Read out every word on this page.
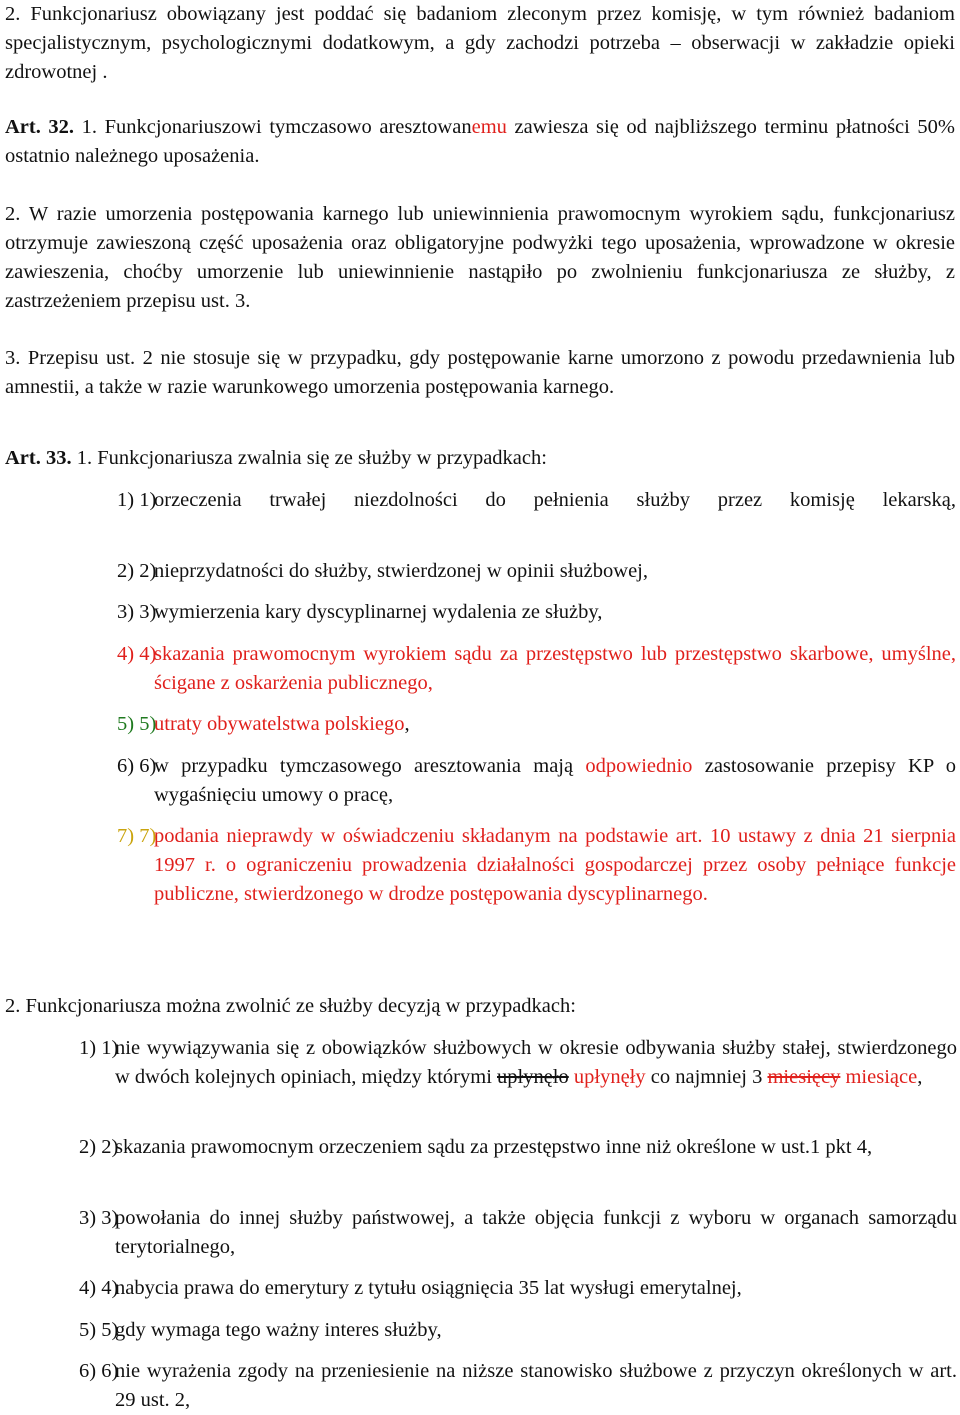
2. Funkcjonariusz obowiązany jest poddać się badaniom zleconym przez komisję, w tym również badaniom specjalistycznym, psychologicznymi dodatkowym, a gdy zachodzi potrzeba – obserwacji w zakładzie opieki zdrowotnej .

Art. 32. 1. Funkcjonariuszowi tymczasowo aresztowanemu zawiesza się od najbliższego terminu płatności 50% ostatnio należnego uposażenia.

2. W razie umorzenia postępowania karnego lub uniewinnienia prawomocnym wyrokiem sądu, funkcjonariusz otrzymuje zawieszoną część uposażenia oraz obligatoryjne podwyżki tego uposażenia, wprowadzone w okresie zawieszenia, choćby umorzenie lub uniewinnienie nastąpiło po zwolnieniu funkcjonariusza ze służby, z zastrzeżeniem przepisu ust. 3.

3. Przepisu ust. 2 nie stosuje się w przypadku, gdy postępowanie karne umorzono z powodu przedawnienia lub amnestii, a także w razie warunkowego umorzenia postępowania karnego.

Art. 33. 1. Funkcjonariusza zwalnia się ze służby w przypadkach:

1) 1)
orzeczenia trwałej niezdolności do pełnienia służby przez komisję lekarską,
2) 2)
nieprzydatności do służby, stwierdzonej w opinii służbowej,
3) 3)
wymierzenia kary dyscyplinarnej wydalenia ze służby,
4) 4)
skazania prawomocnym wyrokiem sądu za przestępstwo lub przestępstwo skarbowe, umyślne, ścigane z oskarżenia publicznego,
5) 5)
utraty obywatelstwa polskiego,
6) 6)
w przypadku tymczasowego aresztowania mają odpowiednio zastosowanie przepisy KP o wygaśnięciu umowy o pracę,
7) 7)
podania nieprawdy w oświadczeniu składanym na podstawie art. 10 ustawy z dnia 21 sierpnia 1997 r. o ograniczeniu prowadzenia działalności gospodarczej przez osoby pełniące funkcje publiczne, stwierdzonego w drodze postępowania dyscyplinarnego.

2. Funkcjonariusza można zwolnić ze służby decyzją w przypadkach:

1) 1)
nie wywiązywania się z obowiązków służbowych w okresie odbywania służby stałej, stwierdzonego w dwóch kolejnych opiniach, między którymi upłynęło upłynęły co najmniej 3 miesięcy miesiące,
2) 2)
skazania prawomocnym orzeczeniem sądu za przestępstwo inne niż określone w ust.1 pkt 4,
3) 3)
powołania do innej służby państwowej, a także objęcia funkcji z wyboru w organach samorządu terytorialnego,
4) 4)
nabycia prawa do emerytury z tytułu osiągnięcia 35 lat wysługi emerytalnej,
5) 5)
gdy wymaga tego ważny interes służby,
6) 6)
nie wyrażenia zgody na przeniesienie na niższe stanowisko służbowe z przyczyn określonych w art. 29 ust. 2,
